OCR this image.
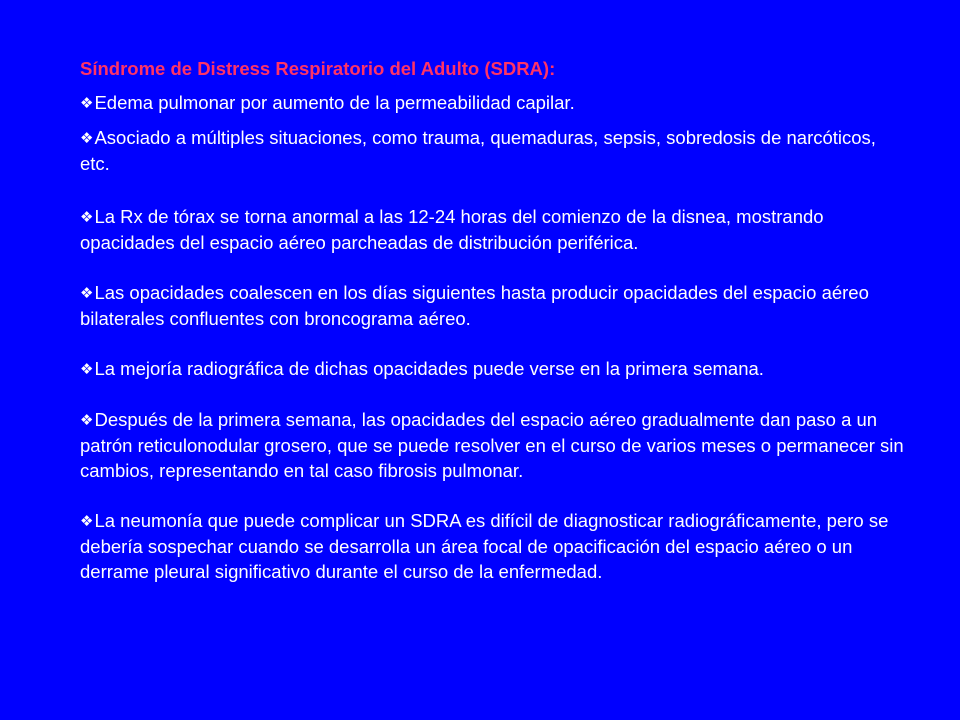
Síndrome de Distress Respiratorio del Adulto (SDRA):

❖Edema pulmonar por aumento de la permeabilidad capilar.

❖Asociado a múltiples situaciones, como trauma, quemaduras, sepsis, sobredosis de narcóticos, etc.

❖La Rx de tórax se torna anormal a las 12-24 horas del comienzo de la disnea, mostrando opacidades del espacio aéreo parcheadas de distribución periférica.

❖Las opacidades coalescen en los días siguientes hasta producir opacidades del espacio aéreo bilaterales confluentes con broncograma aéreo.

❖La mejoría radiográfica de dichas opacidades puede verse en la primera semana.

❖Después de la primera semana, las opacidades del espacio aéreo gradualmente dan paso a un patrón reticulonodular grosero, que se puede resolver en el curso de varios meses o permanecer sin cambios, representando en tal caso fibrosis pulmonar.

❖La neumonía que puede complicar un SDRA es difícil de diagnosticar radiográficamente, pero se debería sospechar cuando se desarrolla un área focal de opacificación del espacio aéreo o un derrame pleural significativo durante el curso de la enfermedad.
